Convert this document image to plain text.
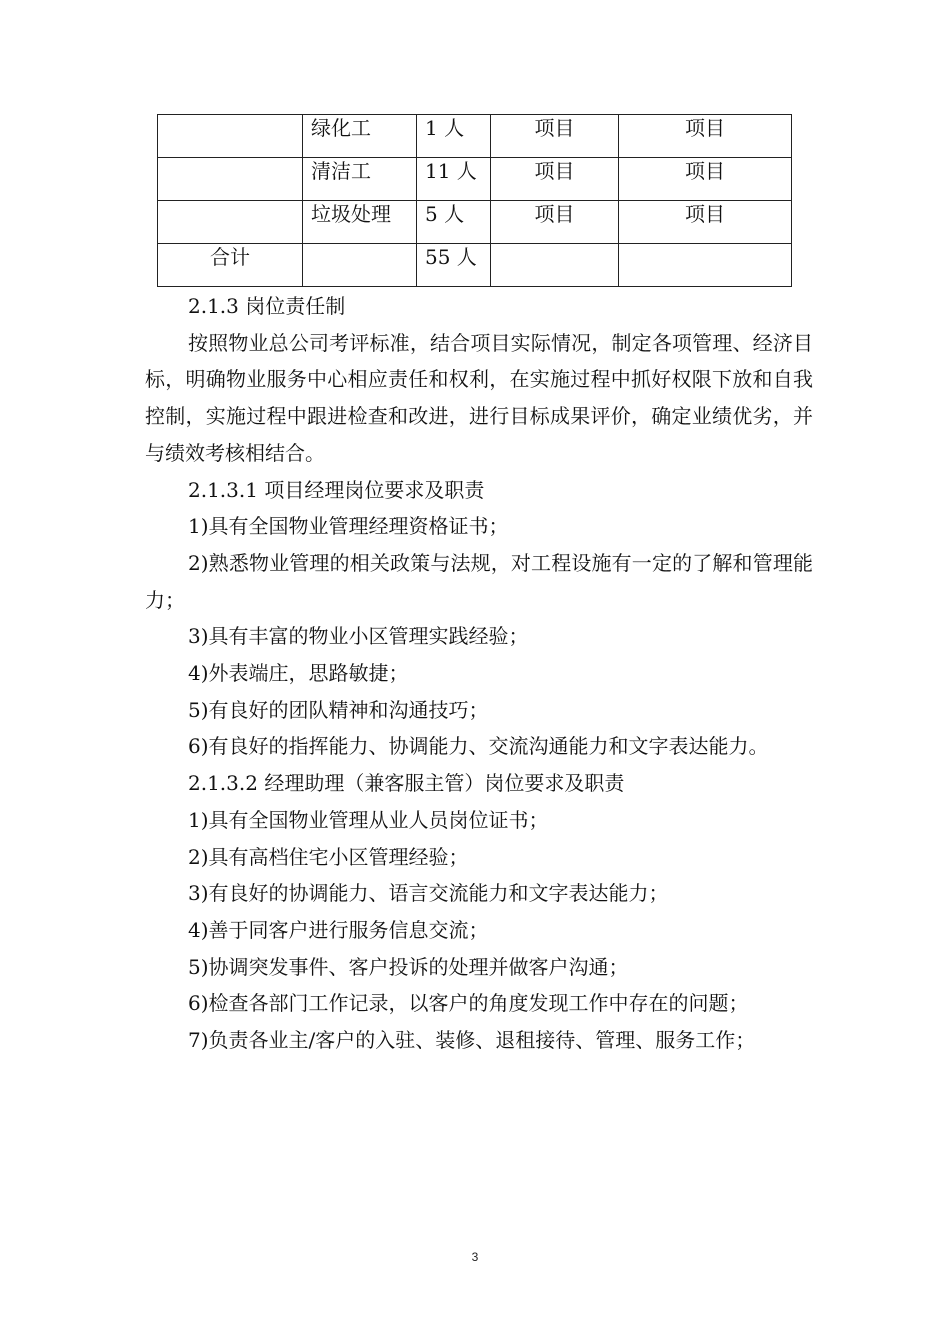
	绿化工	1 人	项目	项目
	清洁工	11 人	项目	项目
	垃圾处理	5 人	项目	项目
合计		55 人		

2.1.3 岗位责任制

按照物业总公司考评标准，结合项目实际情况，制定各项管理、经济目标，明确物业服务中心相应责任和权利，在实施过程中抓好权限下放和自我控制，实施过程中跟进检查和改进，进行目标成果评价，确定业绩优劣，并与绩效考核相结合。

2.1.3.1 项目经理岗位要求及职责

1)具有全国物业管理经理资格证书；

2)熟悉物业管理的相关政策与法规，对工程设施有一定的了解和管理能力；

3)具有丰富的物业小区管理实践经验；

4)外表端庄，思路敏捷；

5)有良好的团队精神和沟通技巧；

6)有良好的指挥能力、协调能力、交流沟通能力和文字表达能力。

2.1.3.2 经理助理（兼客服主管）岗位要求及职责

1)具有全国物业管理从业人员岗位证书；

2)具有高档住宅小区管理经验；

3)有良好的协调能力、语言交流能力和文字表达能力；

4)善于同客户进行服务信息交流；

5)协调突发事件、客户投诉的处理并做客户沟通；

6)检查各部门工作记录，以客户的角度发现工作中存在的问题；

7)负责各业主/客户的入驻、装修、退租接待、管理、服务工作；

3
